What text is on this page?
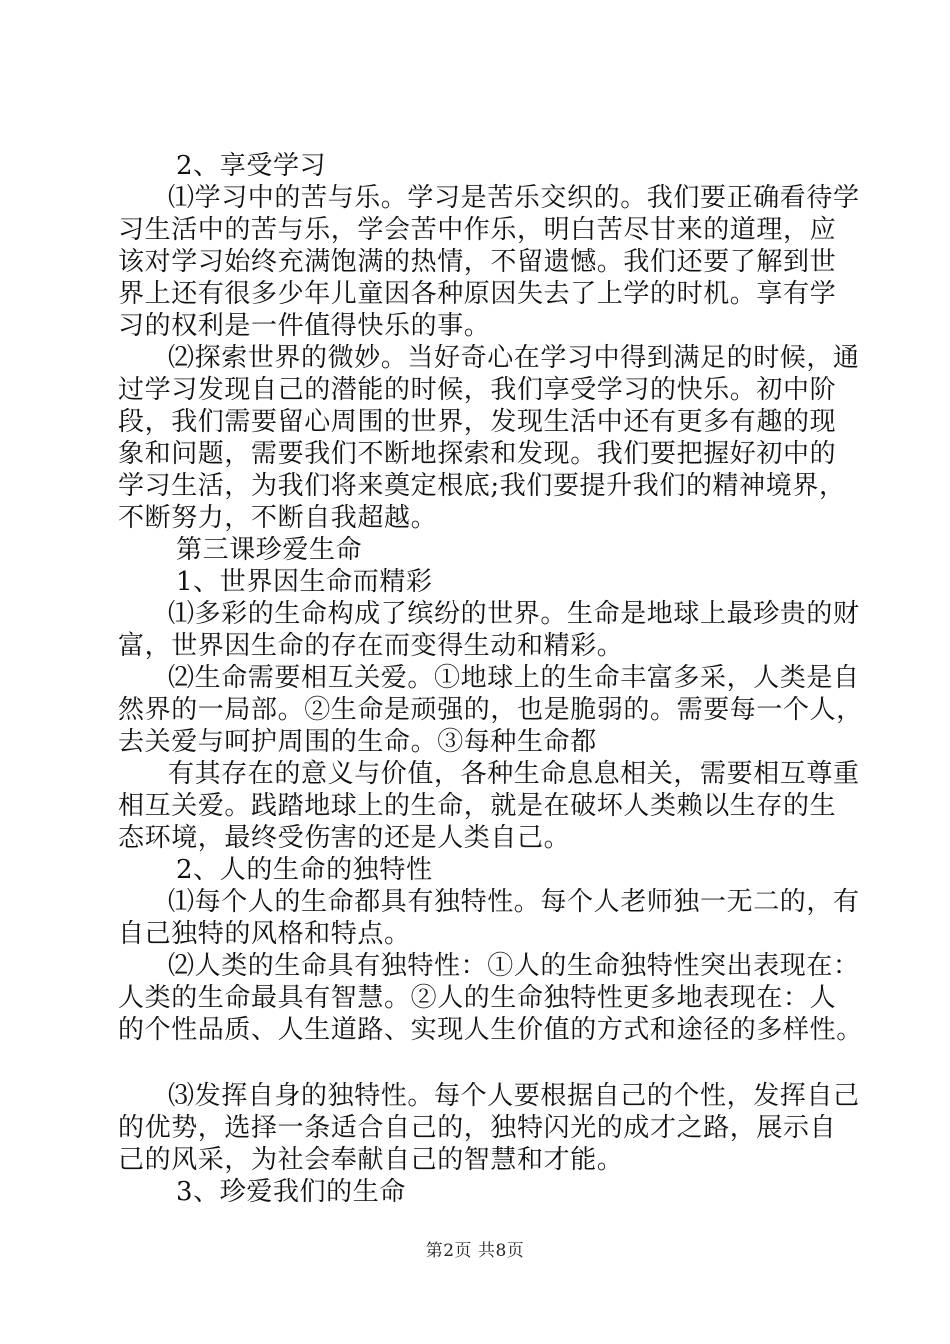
2、享受学习
⑴学习中的苦与乐。学习是苦乐交织的。我们要正确看待学
习生活中的苦与乐，学会苦中作乐，明白苦尽甘来的道理，应
该对学习始终充满饱满的热情，不留遗憾。我们还要了解到世
界上还有很多少年儿童因各种原因失去了上学的时机。享有学
习的权利是一件值得快乐的事。
⑵探索世界的微妙。当好奇心在学习中得到满足的时候，通
过学习发现自己的潜能的时候，我们享受学习的快乐。初中阶
段，我们需要留心周围的世界，发现生活中还有更多有趣的现
象和问题，需要我们不断地探索和发现。我们要把握好初中的
学习生活，为我们将来奠定根底;我们要提升我们的精神境界，
不断努力，不断自我超越。
第三课珍爱生命
1、世界因生命而精彩
⑴多彩的生命构成了缤纷的世界。生命是地球上最珍贵的财
富，世界因生命的存在而变得生动和精彩。
⑵生命需要相互关爱。①地球上的生命丰富多采，人类是自
然界的一局部。②生命是顽强的，也是脆弱的。需要每一个人，
去关爱与呵护周围的生命。③每种生命都
有其存在的意义与价值，各种生命息息相关，需要相互尊重
相互关爱。践踏地球上的生命，就是在破坏人类赖以生存的生
态环境，最终受伤害的还是人类自己。
2、人的生命的独特性
⑴每个人的生命都具有独特性。每个人老师独一无二的，有
自己独特的风格和特点。
⑵人类的生命具有独特性：①人的生命独特性突出表现在：
人类的生命最具有智慧。②人的生命独特性更多地表现在：人
的个性品质、人生道路、实现人生价值的方式和途径的多样性。
⑶发挥自身的独特性。每个人要根据自己的个性，发挥自己
的优势，选择一条适合自己的，独特闪光的成才之路，展示自
己的风采，为社会奉献自己的智慧和才能。
3、珍爱我们的生命
第2页 共8页
